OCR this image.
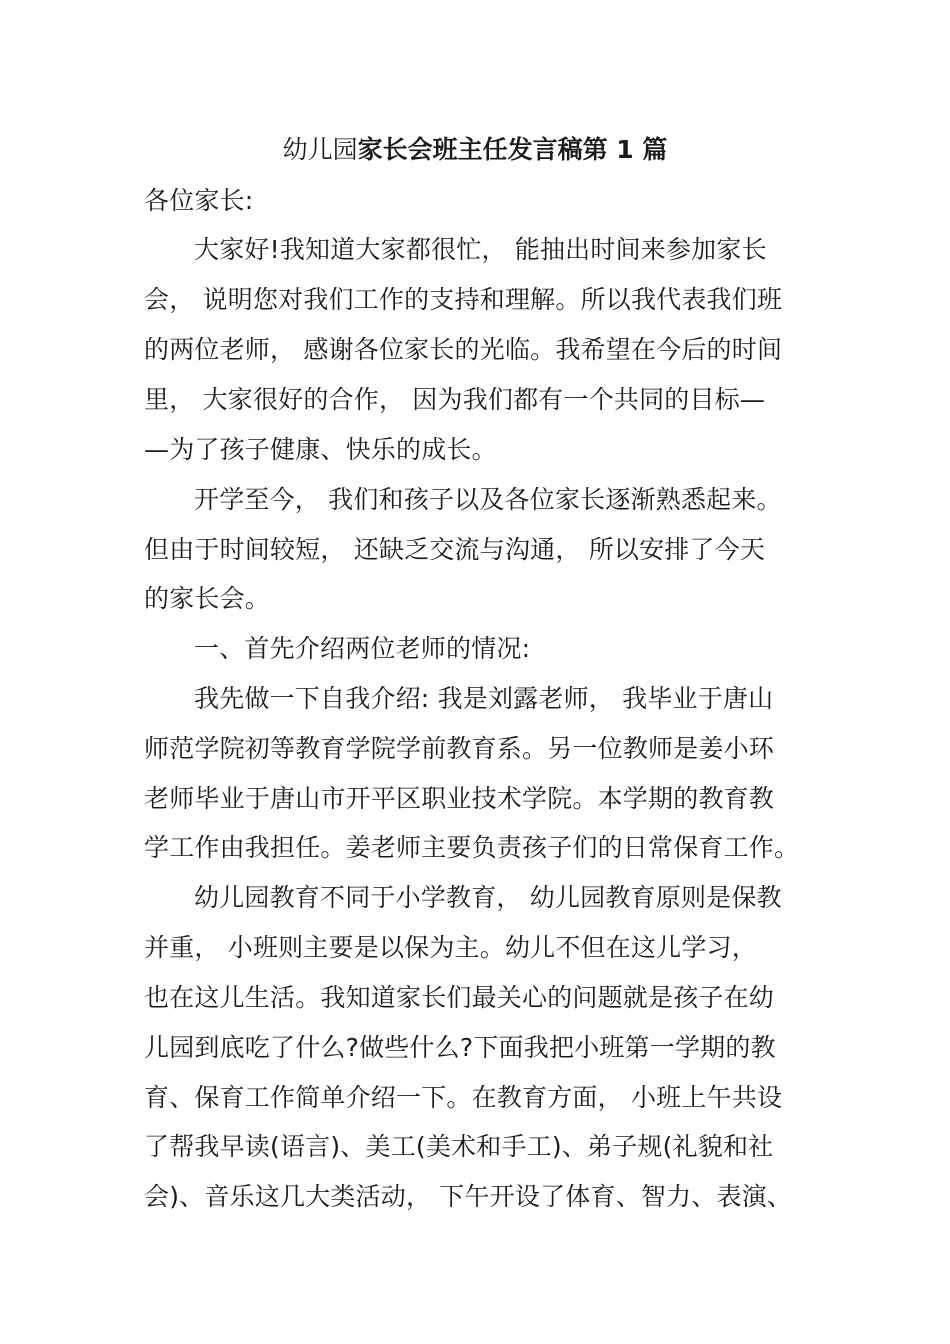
幼儿园家长会班主任发言稿第 1 篇
各位家长:
大家好!我知道大家都很忙， 能抽出时间来参加家长
会， 说明您对我们工作的支持和理解。所以我代表我们班
的两位老师， 感谢各位家长的光临。我希望在今后的时间
里， 大家很好的合作， 因为我们都有一个共同的目标—
—为了孩子健康、快乐的成长。
开学至今， 我们和孩子以及各位家长逐渐熟悉起来。
但由于时间较短， 还缺乏交流与沟通， 所以安排了今天
的家长会。
一、首先介绍两位老师的情况:
我先做一下自我介绍: 我是刘露老师， 我毕业于唐山
师范学院初等教育学院学前教育系。另一位教师是姜小环
老师毕业于唐山市开平区职业技术学院。本学期的教育教
学工作由我担任。姜老师主要负责孩子们的日常保育工作。
幼儿园教育不同于小学教育， 幼儿园教育原则是保教
并重， 小班则主要是以保为主。幼儿不但在这儿学习，
也在这儿生活。我知道家长们最关心的问题就是孩子在幼
儿园到底吃了什么?做些什么?下面我把小班第一学期的教
育、保育工作简单介绍一下。在教育方面， 小班上午共设
了帮我早读(语言)、美工(美术和手工)、弟子规(礼貌和社
会)、音乐这几大类活动， 下午开设了体育、智力、表演、
